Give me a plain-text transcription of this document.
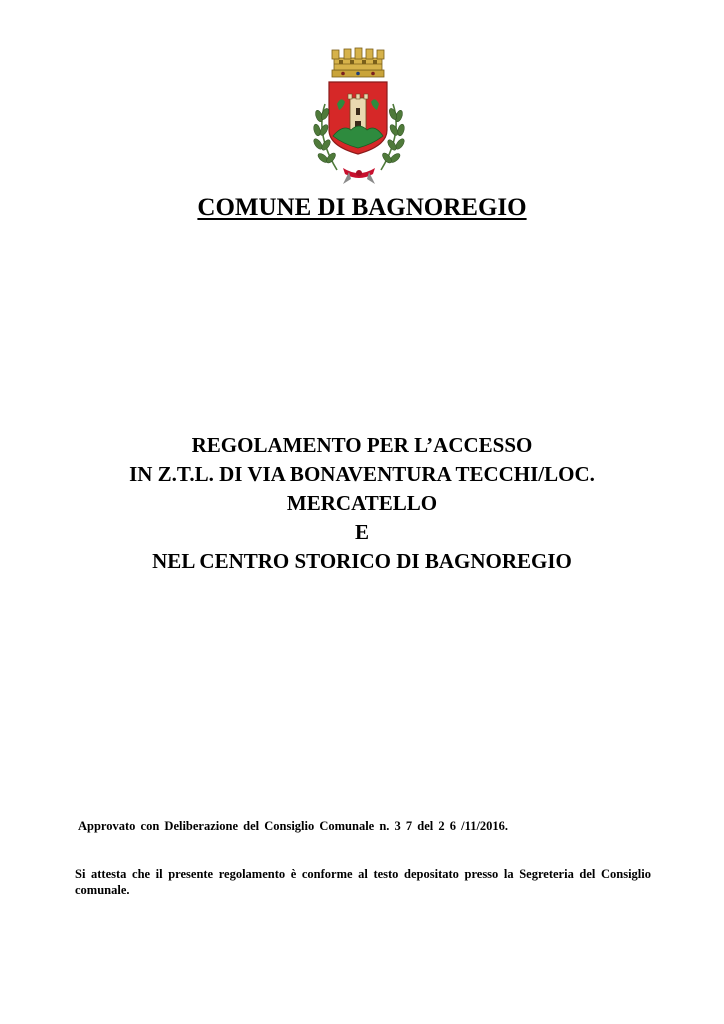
COMUNE DI BAGNOREGIO
REGOLAMENTO PER L’ACCESSO
IN Z.T.L. DI VIA BONAVENTURA TECCHI/LOC.
MERCATELLO
E
NEL CENTRO STORICO DI BAGNOREGIO
Approvato con Deliberazione del Consiglio Comunale n. 3 7 del 2 6 /11/2016.
Si attesta che il presente regolamento è conforme al testo depositato presso la Segreteria del Consiglio comunale.
